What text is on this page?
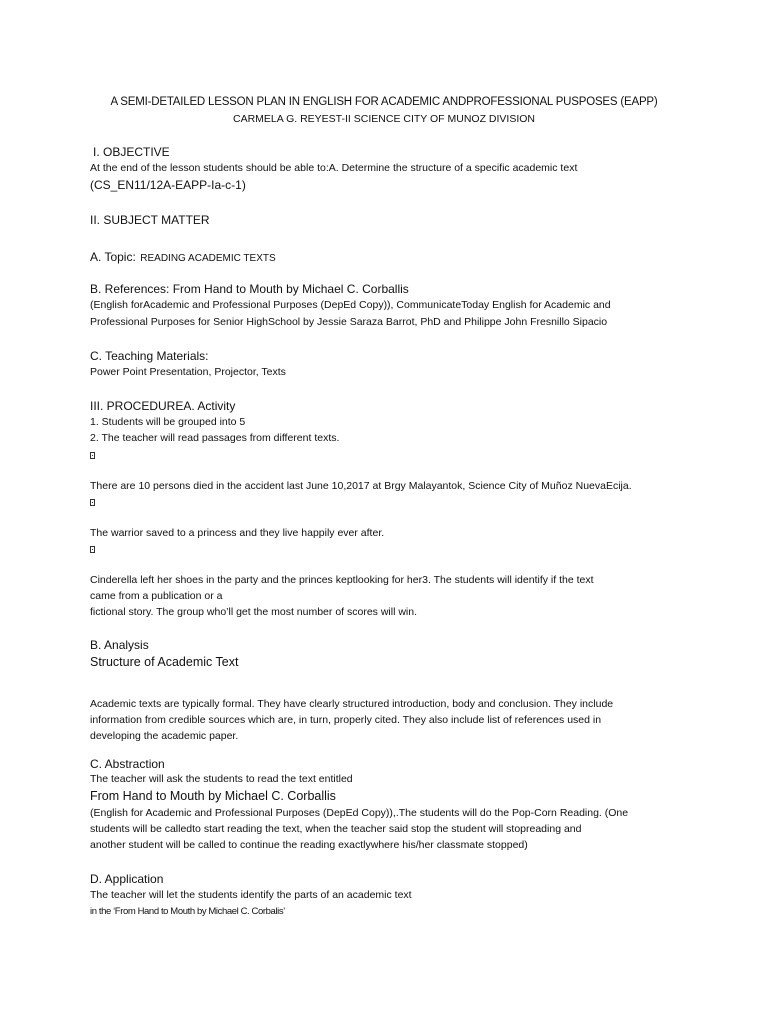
A SEMI-DETAILED LESSON PLAN IN ENGLISH FOR ACADEMIC ANDPROFESSIONAL PUSPOSES (EAPP)
CARMELA G. REYEST-II SCIENCE CITY OF MUNOZ DIVISION
I. OBJECTIVE
At the end of the lesson students should be able to:A. Determine the structure of a specific academic text
(CS_EN11/12A-EAPP-Ia-c-1)
II. SUBJECT MATTER
A. Topic: READING ACADEMIC TEXTS
B. References: From Hand to Mouth by Michael C. Corballis
(English forAcademic and Professional Purposes (DepEd Copy)), CommunicateToday English for Academic and
Professional Purposes for Senior HighSchool by Jessie Saraza Barrot, PhD and Philippe John Fresnillo Sipacio
C. Teaching Materials:
Power Point Presentation, Projector, Texts
III. PROCEDUREA. Activity
1. Students will be grouped into 5
2. The teacher will read passages from different texts.
There are 10 persons died in the accident last June 10,2017 at Brgy Malayantok, Science City of Muñoz NuevaEcija.
The warrior saved to a princess and they live happily ever after.
Cinderella left her shoes in the party and the princes keptlooking for her3. The students will identify if the text
came from a publication or a
fictional story. The group who’ll get the most number of scores will win.
B. Analysis
Structure of Academic Text
Academic texts are typically formal. They have clearly structured introduction, body and conclusion. They include
information from credible sources which are, in turn, properly cited. They also include list of references used in
developing the academic paper.
C. Abstraction
The teacher will ask the students to read the text entitled
From Hand to Mouth by Michael C. Corballis
(English for Academic and Professional Purposes (DepEd Copy)),.The students will do the Pop-Corn Reading. (One
students will be calledto start reading the text, when the teacher said stop the student will stopreading and
another student will be called to continue the reading exactlywhere his/her classmate stopped)
D. Application
The teacher will let the students identify the parts of an academic text
in the ‘From Hand to Mouth by Michael C. Corbalis’
